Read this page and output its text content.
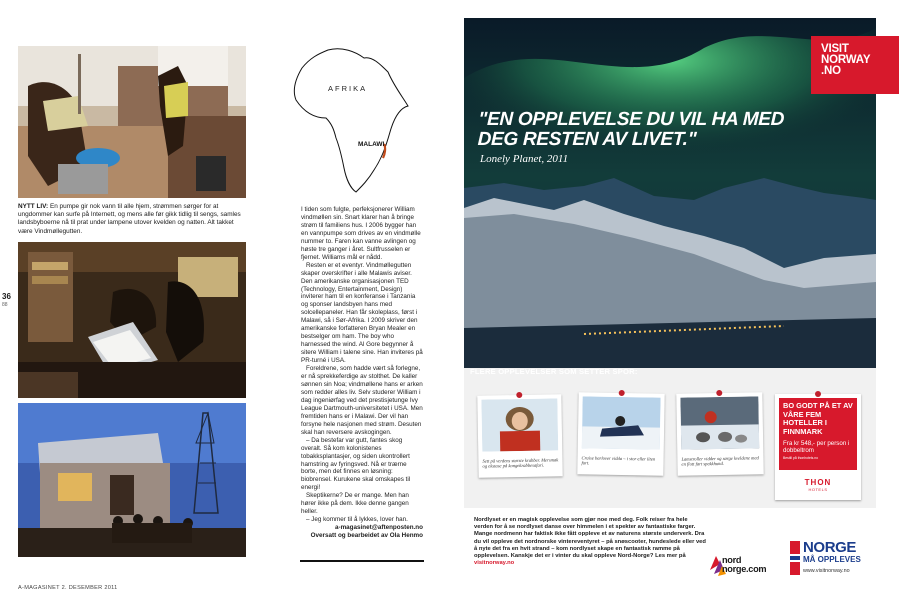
NYTT LIV: En pumpe gir nok vann til alle hjem, strømmen sørger for at ungdommer kan surfe på Internett, og mens alle før gikk tidlig til sengs, samles landsbyboerne nå til prat under lampene utover kvelden og natten. Alt takket være Vindmøllegutten.
36
88
AFRIKA
MALAWI

I tiden som fulgte, perfeksjonerer William vindmøllen sin. Snart klarer han å bringe strøm til familiens hus. I 2006 bygger han en vannpumpe som drives av en vindmølle nummer to. Faren kan vanne avlingen og høste tre ganger i året. Sultfrusselen er fjernet. Williams mål er nådd.

Resten er et eventyr. Vindmøllegutten skaper overskrifter i alle Malawis aviser. Den amerikanske organisasjonen TED (Technology, Entertainment, Design) inviterer ham til en konferanse i Tanzania og sponser landsbyen hans med solcellepaneler. Han får skoleplass, først i Malawi, så i Sør-Afrika. I 2009 skriver den amerikanske forfatteren Bryan Mealer en bestselger om ham. The boy who harnessed the wind. Al Gore begynner å sitere William i talene sine. Han inviteres på PR-turné i USA.

Foreldrene, som hadde vært så forlegne, er nå sprekkeferdige av stolthet. De kaller sønnen sin Noa; vindmøllene hans er arken som redder alles liv. Selv studerer William i dag ingeniørfag ved det prestisjetunge Ivy League Dartmouth-universitetet i USA. Men fremtiden hans er i Malawi. Der vil han forsyne hele nasjonen med strøm. Desuten skal han reversere avskogingen.

– Da bestefar var gutt, fantes skog overalt. Så kom kolonistenes tobakksplantasjer, og siden ukontrollert hamstring av fyringsved. Nå er trærne borte, men det finnes en løsning: biobrensel. Kurukene skal omskapes til energi!

Skeptikerne? De er mange. Men han hører ikke på dem. Ikke denne gangen heller.

– Jeg kommer til å lykkes, lover han.

a-magasinet@aftenposten.no

Oversatt og bearbeidet av Ola Henmo

A-MAGASINET 2. DESEMBER 2011
VISIT
NORWAY
.NO
"EN OPPLEVELSE DU VIL HA MED DEG RESTEN AV LIVET."
Lonely Planet, 2011
FLERE OPPLEVELSER SOM SETTER SPOR:
Sett på verdens største krabber. Mersmak og ekstase på kongekrabbesafari.
Cruise barlover vidda – i stor eller liten fart.
Lamstroller vidder og sørge kveldene med en flott fart spekkhund.
BO GODT PÅ ET AV VÅRE FEM HOTELLER I FINNMARK
Fra kr 548,- per person i dobbeltrom
Bestill på thonhotels.no
THON
HOTELS
Nordlyset er en magisk opplevelse som gjør noe med deg. Folk reiser fra hele verden for å se nordlyset danse over himmelen i et spekter av fantastiske farger. Mange nordmenn har faktisk ikke fått oppleve et av naturens største underverk. Dra du vil oppleve det nordnorske vintereventyret – på snøscooter, hundeslede eller ved å nyte det fra en hvit strand – kom nordlyset skape en fantastisk ramme på opplevelsen. Kanskje det er i vinter du skal oppleve Nord-Norge? Les mer på visitnorway.no	nord
norge.com
NORGE
MÅ OPPLEVES
www.visitnorway.no
